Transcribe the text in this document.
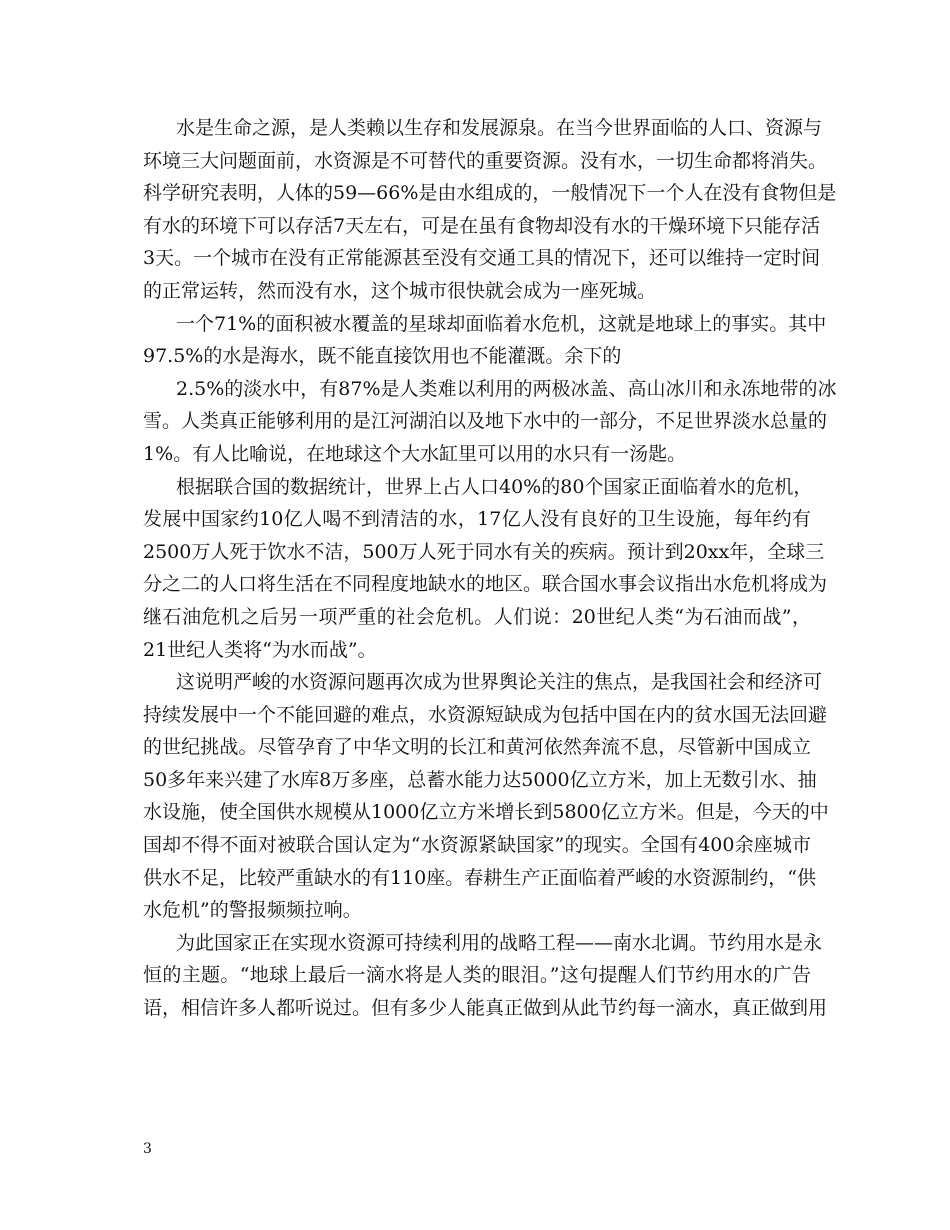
水是生命之源，是人类赖以生存和发展源泉。在当今世界面临的人口、资源与
环境三大问题面前，水资源是不可替代的重要资源。没有水，一切生命都将消失。
科学研究表明，人体的59—66%是由水组成的，一般情况下一个人在没有食物但是
有水的环境下可以存活7天左右，可是在虽有食物却没有水的干燥环境下只能存活
3天。一个城市在没有正常能源甚至没有交通工具的情况下，还可以维持一定时间
的正常运转，然而没有水，这个城市很快就会成为一座死城。
一个71%的面积被水覆盖的星球却面临着水危机，这就是地球上的事实。其中
97.5%的水是海水，既不能直接饮用也不能灌溉。余下的
2.5%的淡水中，有87%是人类难以利用的两极冰盖、高山冰川和永冻地带的冰
雪。人类真正能够利用的是江河湖泊以及地下水中的一部分，不足世界淡水总量的
1%。有人比喻说，在地球这个大水缸里可以用的水只有一汤匙。
根据联合国的数据统计，世界上占人口40%的80个国家正面临着水的危机，
发展中国家约10亿人喝不到清洁的水，17亿人没有良好的卫生设施，每年约有
2500万人死于饮水不洁，500万人死于同水有关的疾病。预计到20xx年，全球三
分之二的人口将生活在不同程度地缺水的地区。联合国水事会议指出水危机将成为
继石油危机之后另一项严重的社会危机。人们说：20世纪人类“为石油而战”，
21世纪人类将“为水而战”。
这说明严峻的水资源问题再次成为世界舆论关注的焦点，是我国社会和经济可
持续发展中一个不能回避的难点，水资源短缺成为包括中国在内的贫水国无法回避
的世纪挑战。尽管孕育了中华文明的长江和黄河依然奔流不息，尽管新中国成立
50多年来兴建了水库8万多座，总蓄水能力达5000亿立方米，加上无数引水、抽
水设施，使全国供水规模从1000亿立方米增长到5800亿立方米。但是，今天的中
国却不得不面对被联合国认定为“水资源紧缺国家”的现实。全国有400余座城市
供水不足，比较严重缺水的有110座。春耕生产正面临着严峻的水资源制约，“供
水危机”的警报频频拉响。
为此国家正在实现水资源可持续利用的战略工程——南水北调。节约用水是永
恒的主题。“地球上最后一滴水将是人类的眼泪。”这句提醒人们节约用水的广告
语，相信许多人都听说过。但有多少人能真正做到从此节约每一滴水，真正做到用
3
